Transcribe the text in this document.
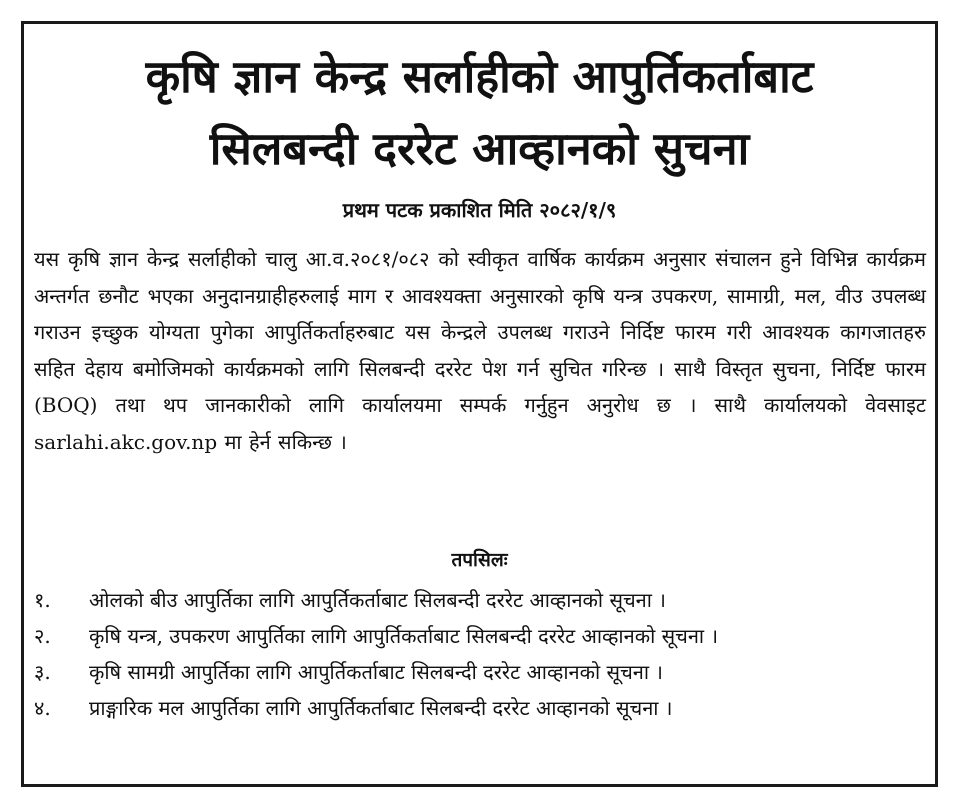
कृषि ज्ञान केन्द्र सर्लाहीको आपुर्तिकर्ताबाट
सिलबन्दी दररेट आव्हानको सुचना
प्रथम पटक प्रकाशित मिति २०८२/१/९
यस कृषि ज्ञान केन्द्र सर्लाहीको चालु आ.व.२०८१/०८२ को स्वीकृत वार्षिक कार्यक्रम अनुसार संचालन हुने विभिन्न कार्यक्रम अन्तर्गत छनौट भएका अनुदानग्राहीहरुलाई माग र आवश्यक्ता अनुसारको कृषि यन्त्र उपकरण, सामाग्री, मल, वीउ उपलब्ध गराउन इच्छुक योग्यता पुगेका आपुर्तिकर्ताहरुबाट यस केन्द्रले उपलब्ध गराउने निर्दिष्ट फारम गरी आवश्यक कागजातहरु सहित देहाय बमोजिमको कार्यक्रमको लागि सिलबन्दी दररेट पेश गर्न सुचित गरिन्छ । साथै विस्तृत सुचना, निर्दिष्ट फारम (BOQ) तथा थप जानकारीको लागि कार्यालयमा सम्पर्क गर्नुहुन अनुरोध छ । साथै कार्यालयको वेवसाइट sarlahi.akc.gov.np मा हेर्न सकिन्छ ।
तपसिलः
१.	ओलको बीउ आपुर्तिका लागि आपुर्तिकर्ताबाट सिलबन्दी दररेट आव्हानको सूचना ।
२.	कृषि यन्त्र, उपकरण आपुर्तिका लागि आपुर्तिकर्ताबाट सिलबन्दी दररेट आव्हानको सूचना ।
३.	कृषि सामग्री आपुर्तिका लागि आपुर्तिकर्ताबाट सिलबन्दी दररेट आव्हानको सूचना ।
४.	प्राङ्गारिक मल आपुर्तिका लागि आपुर्तिकर्ताबाट सिलबन्दी दररेट आव्हानको सूचना ।
